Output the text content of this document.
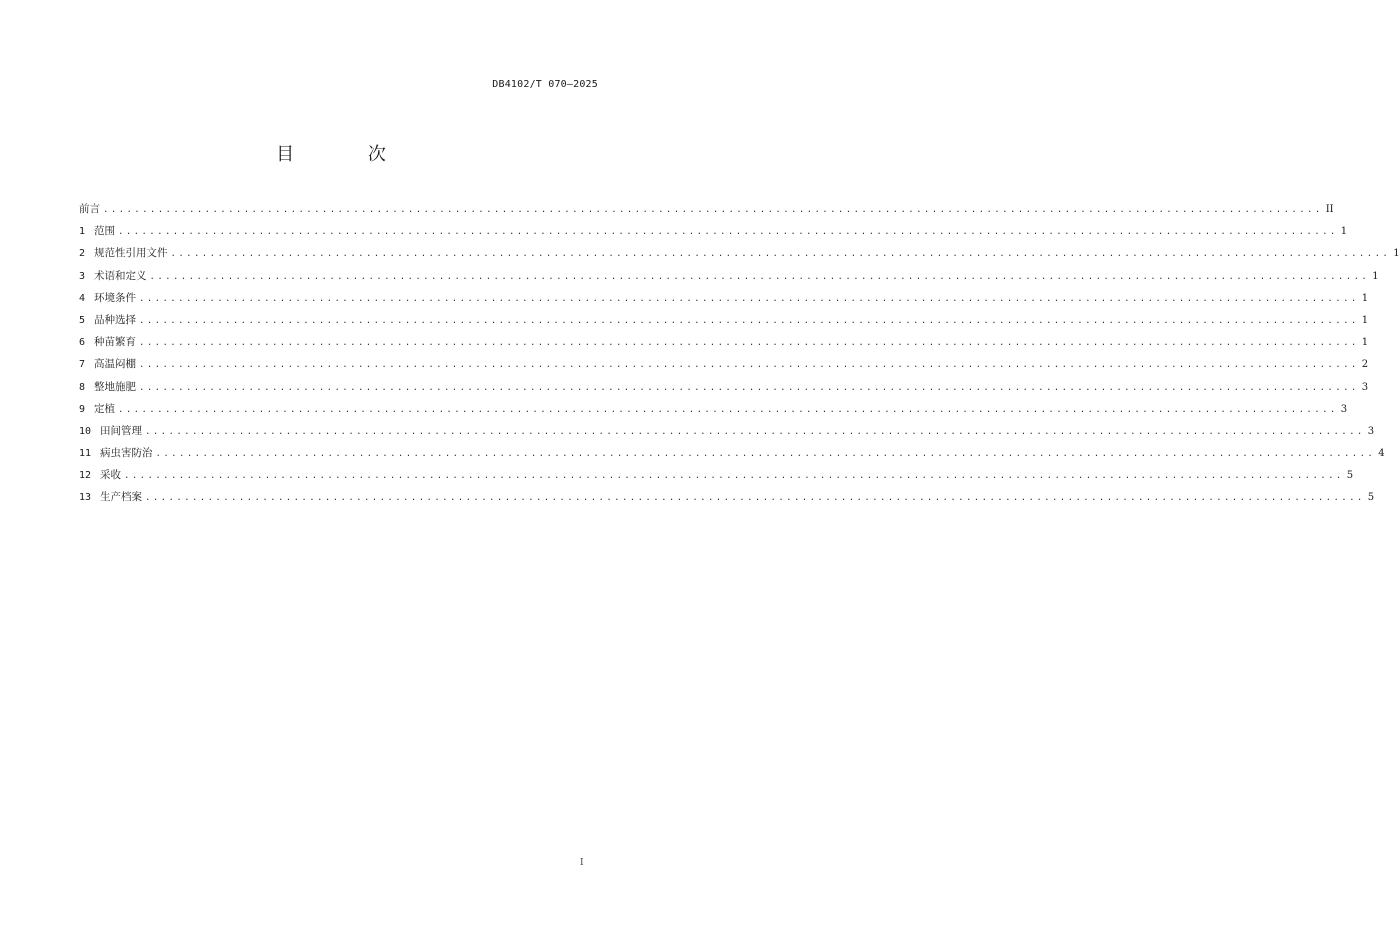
DB4102/T 070—2025
目 次
前言 ............................................................................................................................................................ II
1 范围 ............................................................................................................................................................ 1
2 规范性引用文件 ............................................................................................................................................................ 1
3 术语和定义 ............................................................................................................................................................ 1
4 环境条件 ............................................................................................................................................................ 1
5 品种选择 ............................................................................................................................................................ 1
6 种苗繁育 ............................................................................................................................................................ 1
7 高温闷棚 ............................................................................................................................................................ 2
8 整地施肥 ............................................................................................................................................................ 3
9 定植 ............................................................................................................................................................ 3
10 田间管理 ............................................................................................................................................................ 3
11 病虫害防治 ............................................................................................................................................................ 4
12 采收 ............................................................................................................................................................ 5
13 生产档案 ............................................................................................................................................................ 5
I
